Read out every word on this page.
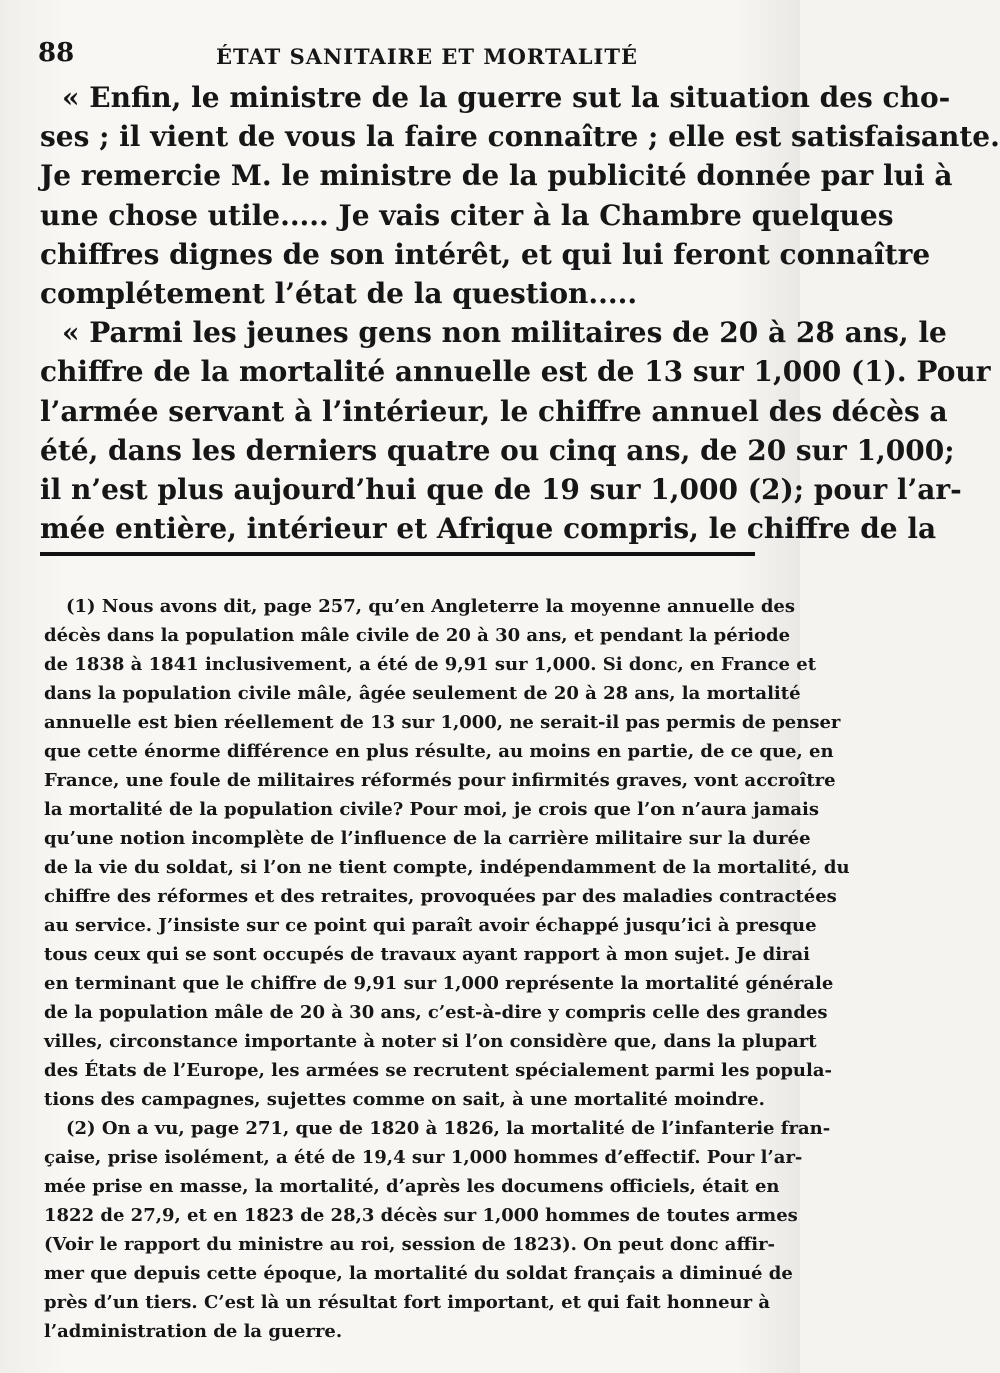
88	ÉTAT SANITAIRE ET MORTALITÉ
« Enfin, le ministre de la guerre sut la situation des cho-
ses ; il vient de vous la faire connaître ; elle est satisfaisante.
Je remercie M. le ministre de la publicité donnée par lui à
une chose utile..... Je vais citer à la Chambre quelques
chiffres dignes de son intérêt, et qui lui feront connaître
complétement l’état de la question.....
« Parmi les jeunes gens non militaires de 20 à 28 ans, le
chiffre de la mortalité annuelle est de 13 sur 1,000 (1). Pour
l’armée servant à l’intérieur, le chiffre annuel des décès a
été, dans les derniers quatre ou cinq ans, de 20 sur 1,000;
il n’est plus aujourd’hui que de 19 sur 1,000 (2); pour l’ar-
mée entière, intérieur et Afrique compris, le chiffre de la
(1) Nous avons dit, page 257, qu’en Angleterre la moyenne annuelle des
décès dans la population mâle civile de 20 à 30 ans, et pendant la période
de 1838 à 1841 inclusivement, a été de 9,91 sur 1,000. Si donc, en France et
dans la population civile mâle, âgée seulement de 20 à 28 ans, la mortalité
annuelle est bien réellement de 13 sur 1,000, ne serait-il pas permis de penser
que cette énorme différence en plus résulte, au moins en partie, de ce que, en
France, une foule de militaires réformés pour infirmités graves, vont accroître
la mortalité de la population civile? Pour moi, je crois que l’on n’aura jamais
qu’une notion incomplète de l’influence de la carrière militaire sur la durée
de la vie du soldat, si l’on ne tient compte, indépendamment de la mortalité, du
chiffre des réformes et des retraites, provoquées par des maladies contractées
au service. J’insiste sur ce point qui paraît avoir échappé jusqu’ici à presque
tous ceux qui se sont occupés de travaux ayant rapport à mon sujet. Je dirai
en terminant que le chiffre de 9,91 sur 1,000 représente la mortalité générale
de la population mâle de 20 à 30 ans, c’est-à-dire y compris celle des grandes
villes, circonstance importante à noter si l’on considère que, dans la plupart
des États de l’Europe, les armées se recrutent spécialement parmi les popula-
tions des campagnes, sujettes comme on sait, à une mortalité moindre.
(2) On a vu, page 271, que de 1820 à 1826, la mortalité de l’infanterie fran-
çaise, prise isolément, a été de 19,4 sur 1,000 hommes d’effectif. Pour l’ar-
mée prise en masse, la mortalité, d’après les documens officiels, était en
1822 de 27,9, et en 1823 de 28,3 décès sur 1,000 hommes de toutes armes
(Voir le rapport du ministre au roi, session de 1823). On peut donc affir-
mer que depuis cette époque, la mortalité du soldat français a diminué de
près d’un tiers. C’est là un résultat fort important, et qui fait honneur à
l’administration de la guerre.
